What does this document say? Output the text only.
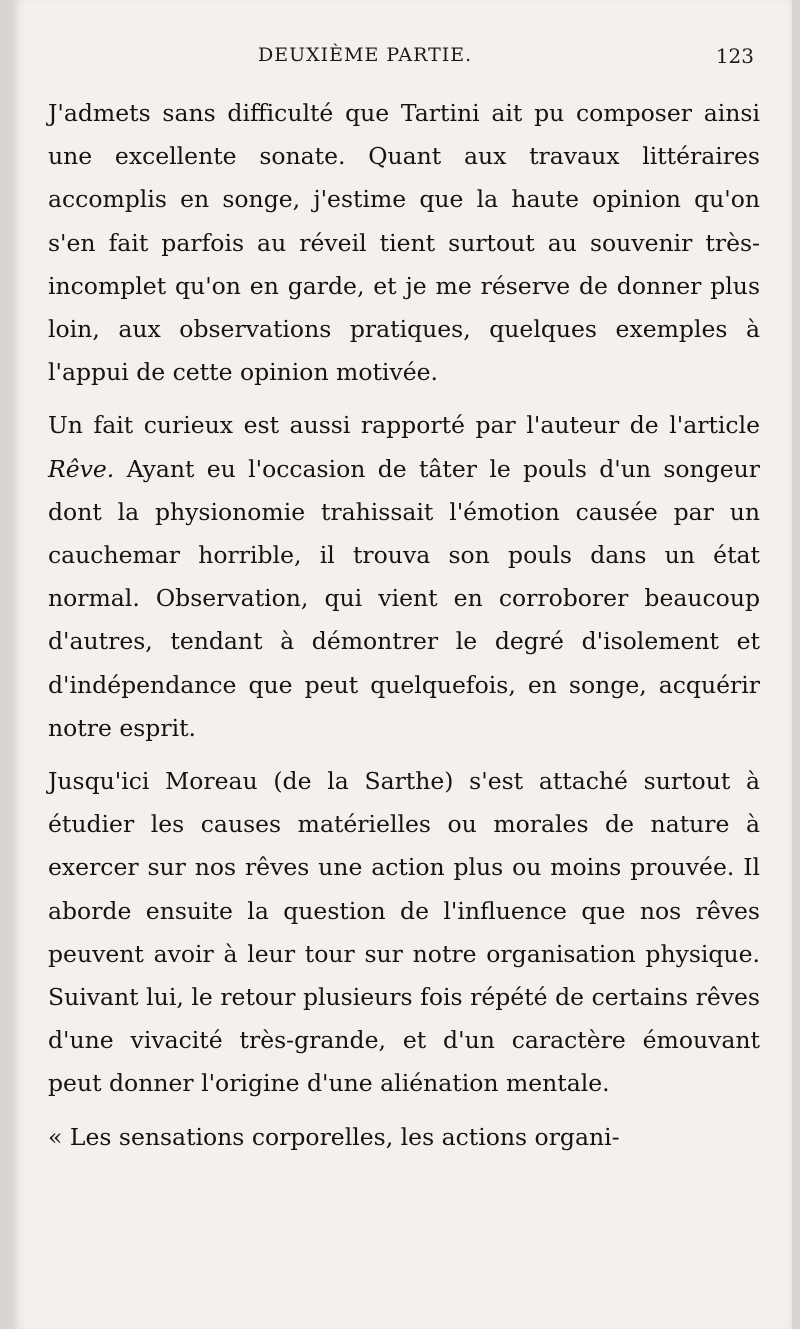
DEUXIÈME PARTIE.	123

J'admets sans difficulté que Tartini ait pu composer ainsi une excellente sonate. Quant aux travaux littéraires accomplis en songe, j'estime que la haute opinion qu'on s'en fait parfois au réveil tient surtout au souvenir très-incomplet qu'on en garde, et je me réserve de donner plus loin, aux observations pratiques, quelques exemples à l'appui de cette opinion motivée.

Un fait curieux est aussi rapporté par l'auteur de l'article Rêve. Ayant eu l'occasion de tâter le pouls d'un songeur dont la physionomie trahissait l'émotion causée par un cauchemar horrible, il trouva son pouls dans un état normal. Observation, qui vient en corroborer beaucoup d'autres, tendant à démontrer le degré d'isolement et d'indépendance que peut quelquefois, en songe, acquérir notre esprit.

Jusqu'ici Moreau (de la Sarthe) s'est attaché surtout à étudier les causes matérielles ou morales de nature à exercer sur nos rêves une action plus ou moins prouvée. Il aborde ensuite la question de l'influence que nos rêves peuvent avoir à leur tour sur notre organisation physique. Suivant lui, le retour plusieurs fois répété de certains rêves d'une vivacité très-grande, et d'un caractère émouvant peut donner l'origine d'une aliénation mentale.

« Les sensations corporelles, les actions organi-
